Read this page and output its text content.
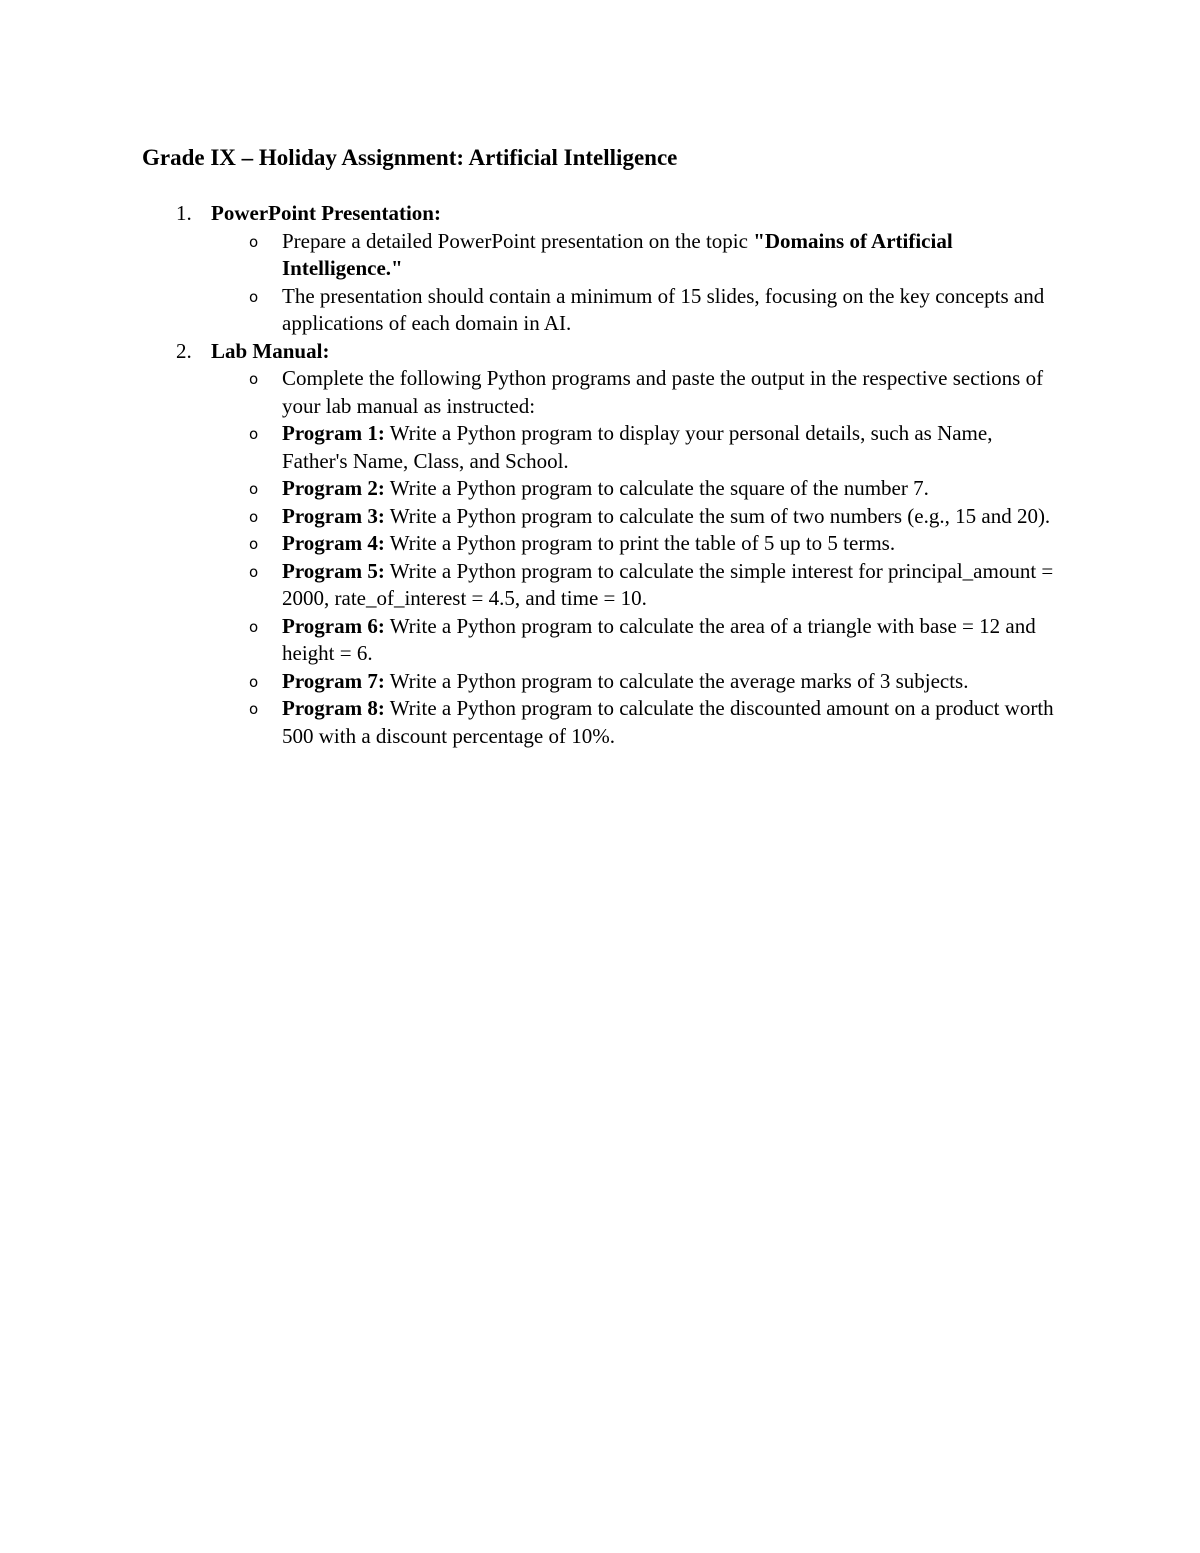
Grade IX – Holiday Assignment: Artificial Intelligence
1. PowerPoint Presentation:
o Prepare a detailed PowerPoint presentation on the topic "Domains of Artificial Intelligence."
o The presentation should contain a minimum of 15 slides, focusing on the key concepts and applications of each domain in AI.
2. Lab Manual:
o Complete the following Python programs and paste the output in the respective sections of your lab manual as instructed:
o Program 1: Write a Python program to display your personal details, such as Name, Father's Name, Class, and School.
o Program 2: Write a Python program to calculate the square of the number 7.
o Program 3: Write a Python program to calculate the sum of two numbers (e.g., 15 and 20).
o Program 4: Write a Python program to print the table of 5 up to 5 terms.
o Program 5: Write a Python program to calculate the simple interest for principal_amount = 2000, rate_of_interest = 4.5, and time = 10.
o Program 6: Write a Python program to calculate the area of a triangle with base = 12 and height = 6.
o Program 7: Write a Python program to calculate the average marks of 3 subjects.
o Program 8: Write a Python program to calculate the discounted amount on a product worth 500 with a discount percentage of 10%.
